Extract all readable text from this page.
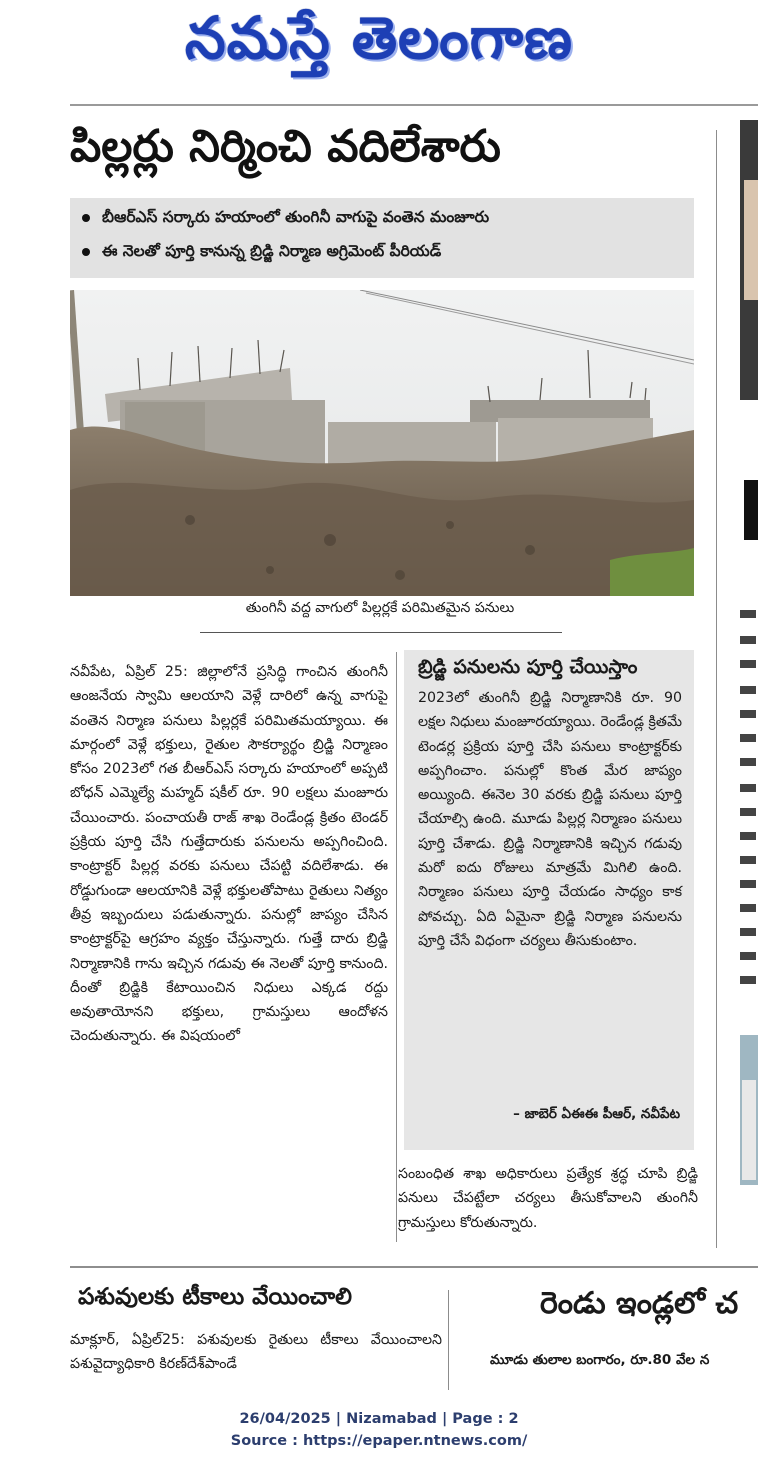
నమస్తే తెలంగాణ
పిల్లర్లు నిర్మించి వదిలేశారు
బీఆర్ఎస్ సర్కారు హయాంలో తుంగినీ వాగుపై వంతెన మంజూరు
ఈ నెలతో పూర్తి కానున్న బ్రిడ్జి నిర్మాణ అగ్రిమెంట్ పీరియడ్
తుంగినీ వద్ద వాగులో పిల్లర్లకే పరిమితమైన పనులు
నవీపేట, ఏప్రిల్ 25: జిల్లాలోనే ప్రసిద్ధి గాంచిన తుంగినీ ఆంజనేయ స్వామి ఆలయాని వెళ్లే దారిలో ఉన్న వాగుపై వంతెన నిర్మాణ పనులు పిల్లర్లకే పరిమితమయ్యాయి. ఈ మార్గంలో వెళ్లే భక్తులు, రైతుల సౌకర్యార్థం బ్రిడ్జి నిర్మాణం కోసం 2023లో గత బీఆర్ఎస్ సర్కారు హయాంలో అప్పటి బోధన్ ఎమ్మెల్యే మహ్మద్ షకీల్ రూ. 90 లక్షలు మంజూరు చేయించారు. పంచాయతీ రాజ్ శాఖ రెండేండ్ల క్రితం టెండర్ ప్రక్రియ పూర్తి చేసి గుత్తేదారుకు పనులను అప్పగించింది. కాంట్రాక్టర్ పిల్లర్ల వరకు పనులు చేపట్టి వదిలేశాడు. ఈ రోడ్డుగుండా ఆలయానికి వెళ్లే భక్తులతోపాటు రైతులు నిత్యం తీవ్ర ఇబ్బందులు పడుతున్నారు. పనుల్లో జాప్యం చేసిన కాంట్రాక్టర్‌పై ఆగ్రహం వ్యక్తం చేస్తున్నారు. గుత్తే దారు బ్రిడ్జి నిర్మాణానికి గాను ఇచ్చిన గడువు ఈ నెలతో పూర్తి కానుంది. దీంతో బ్రిడ్జికి కేటాయించిన నిధులు ఎక్కడ రద్దు అవుతాయోనని భక్తులు, గ్రామస్తులు ఆందోళన చెందుతున్నారు. ఈ విషయంలో
బ్రిడ్జి పనులను పూర్తి చేయిస్తాం
2023లో తుంగినీ బ్రిడ్జి నిర్మాణానికి రూ. 90 లక్షల నిధులు మంజూరయ్యాయి. రెండేండ్ల క్రితమే టెండర్ల ప్రక్రియ పూర్తి చేసి పనులు కాంట్రాక్టర్‌కు అప్పగించాం. పనుల్లో కొంత మేర జాప్యం అయ్యింది. ఈనెల 30 వరకు బ్రిడ్జి పనులు పూర్తి చేయాల్సి ఉంది. మూడు పిల్లర్ల నిర్మాణం పనులు పూర్తి చేశాడు. బ్రిడ్జి నిర్మాణానికి ఇచ్చిన గడువు మరో ఐదు రోజులు మాత్రమే మిగిలి ఉంది. నిర్మాణం పనులు పూర్తి చేయడం సాధ్యం కాక పోవచ్చు. ఏది ఏమైనా బ్రిడ్జి నిర్మాణ పనులను పూర్తి చేసే విధంగా చర్యలు తీసుకుంటాం.
– జాబెర్ ఏఈఈ పీఆర్, నవీపేట
సంబంధిత శాఖ అధికారులు ప్రత్యేక శ్రద్ధ చూపి బ్రిడ్జి పనులు చేపట్టేలా చర్యలు తీసుకోవాలని తుంగినీ గ్రామస్తులు కోరుతున్నారు.
పశువులకు టీకాలు వేయించాలి
మాక్లూర్, ఏప్రిల్25: పశువులకు రైతులు టీకాలు వేయించాలని పశువైద్యాధికారి కిరణ్‌దేశ్‌పాండే
రెండు ఇండ్లలో చ
మూడు తులాల బంగారం, రూ.80 వేల న
26/04/2025 | Nizamabad | Page : 2
Source : https://epaper.ntnews.com/
